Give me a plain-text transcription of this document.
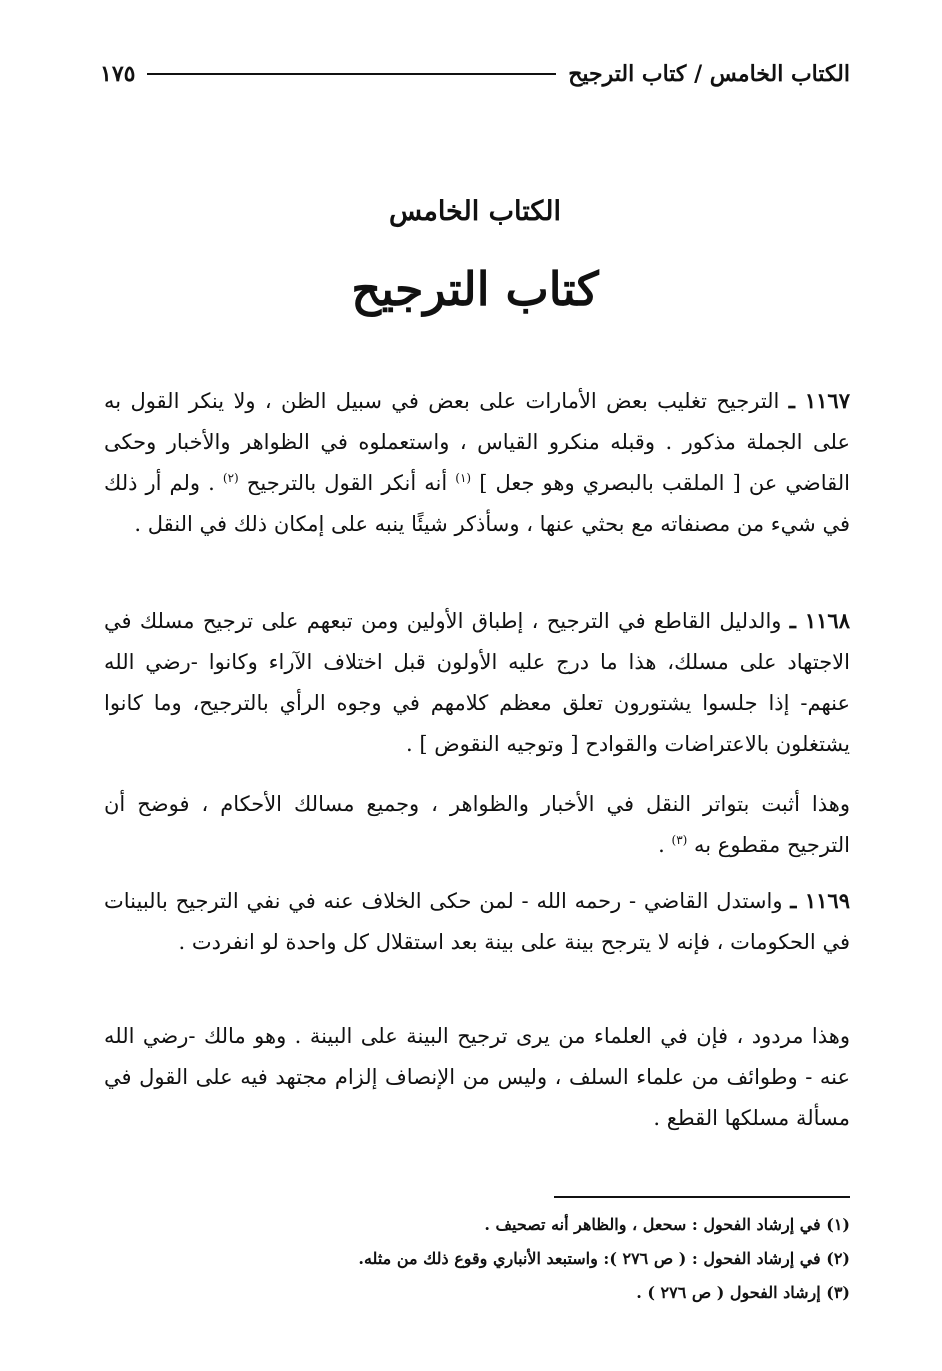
الكتاب الخامس / كتاب الترجيح
١٧٥
الكتاب الخامس
كتاب الترجيح
١١٦٧ ـ الترجيح تغليب بعض الأمارات على بعض في سبيل الظن ، ولا ينكر القول به على الجملة مذكور . وقبله منكرو القياس ، واستعملوه في الظواهر والأخبار وحكى القاضي عن [ الملقب بالبصري وهو جعل ] $^{(١)}$ أنه أنكر القول بالترجيح $^{(٢)}$ . ولم أر ذلك في شيء من مصنفاته مع بحثي عنها ، وسأذكر شيئًا ينبه على إمكان ذلك في النقل .
١١٦٨ ـ والدليل القاطع في الترجيح ، إطباق الأولين ومن تبعهم على ترجيح مسلك في الاجتهاد على مسلك، هذا ما درج عليه الأولون قبل اختلاف الآراء وكانوا -رضي الله عنهم- إذا جلسوا يشتورون تعلق معظم كلامهم في وجوه الرأي بالترجيح، وما كانوا يشتغلون بالاعتراضات والقوادح [ وتوجيه النقوض ] .
وهذا أثبت بتواتر النقل في الأخبار والظواهر ، وجميع مسالك الأحكام ، فوضح أن الترجيح مقطوع به $^{(٣)}$ .
١١٦٩ ـ واستدل القاضي - رحمه الله - لمن حكى الخلاف عنه في نفي الترجيح بالبينات في الحكومات ، فإنه لا يترجح بينة على بينة بعد استقلال كل واحدة لو انفردت .
وهذا مردود ، فإن في العلماء من يرى ترجيح البينة على البينة . وهو مالك -رضي الله عنه - وطوائف من علماء السلف ، وليس من الإنصاف إلزام مجتهد فيه على القول في مسألة مسلكها القطع .
(١) في إرشاد الفحول : سحعل ، والظاهر أنه تصحيف .
(٢) في إرشاد الفحول : ( ص ٢٧٦ ): واستبعد الأنباري وقوع ذلك من مثله.
(٣) إرشاد الفحول ( ص ٢٧٦ ) .
